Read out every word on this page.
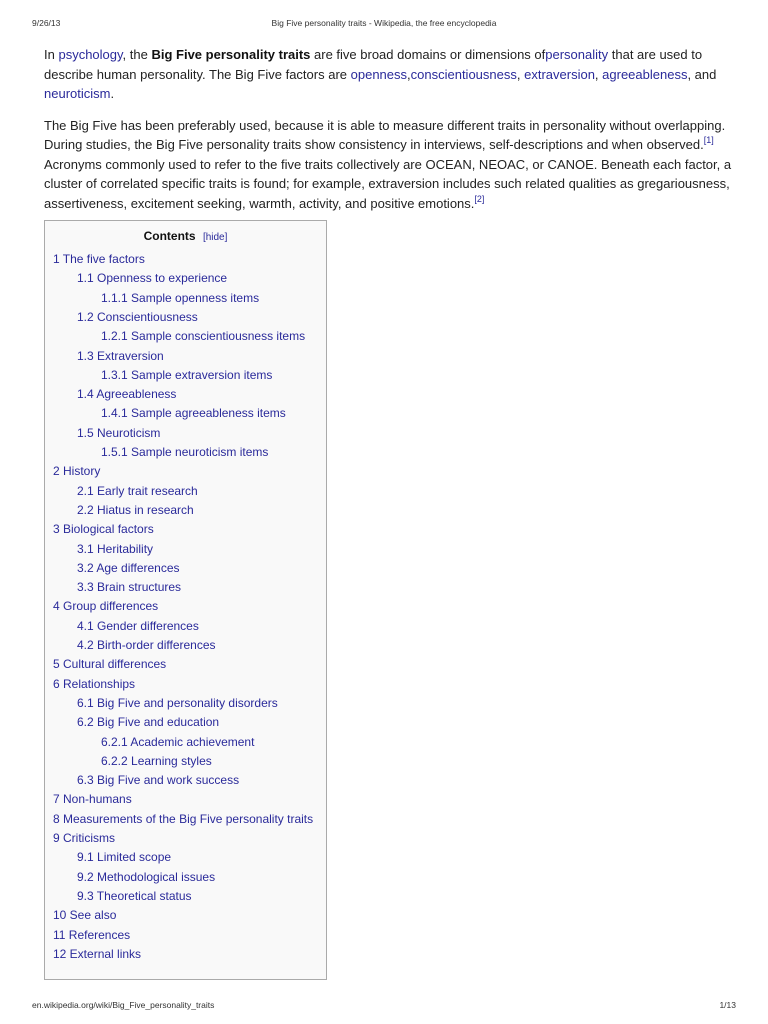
9/26/13	Big Five personality traits - Wikipedia, the free encyclopedia

In psychology, the Big Five personality traits are five broad domains or dimensions ofpersonality that are used to describe human personality. The Big Five factors are openness,conscientiousness, extraversion, agreeableness, and neuroticism.

The Big Five has been preferably used, because it is able to measure different traits in personality without overlapping. During studies, the Big Five personality traits show consistency in interviews, self-descriptions and when observed.[1] Acronyms commonly used to refer to the five traits collectively are OCEAN, NEOAC, or CANOE. Beneath each factor, a cluster of correlated specific traits is found; for example, extraversion includes such related qualities as gregariousness, assertiveness, excitement seeking, warmth, activity, and positive emotions.[2]

Contents [hide]
1 The five factors
1.1 Openness to experience
1.1.1 Sample openness items
1.2 Conscientiousness
1.2.1 Sample conscientiousness items
1.3 Extraversion
1.3.1 Sample extraversion items
1.4 Agreeableness
1.4.1 Sample agreeableness items
1.5 Neuroticism
1.5.1 Sample neuroticism items
2 History
2.1 Early trait research
2.2 Hiatus in research
3 Biological factors
3.1 Heritability
3.2 Age differences
3.3 Brain structures
4 Group differences
4.1 Gender differences
4.2 Birth-order differences
5 Cultural differences
6 Relationships
6.1 Big Five and personality disorders
6.2 Big Five and education
6.2.1 Academic achievement
6.2.2 Learning styles
6.3 Big Five and work success
7 Non-humans
8 Measurements of the Big Five personality traits
9 Criticisms
9.1 Limited scope
9.2 Methodological issues
9.3 Theoretical status
10 See also
11 References
12 External links
en.wikipedia.org/wiki/Big_Five_personality_traits	1/13
